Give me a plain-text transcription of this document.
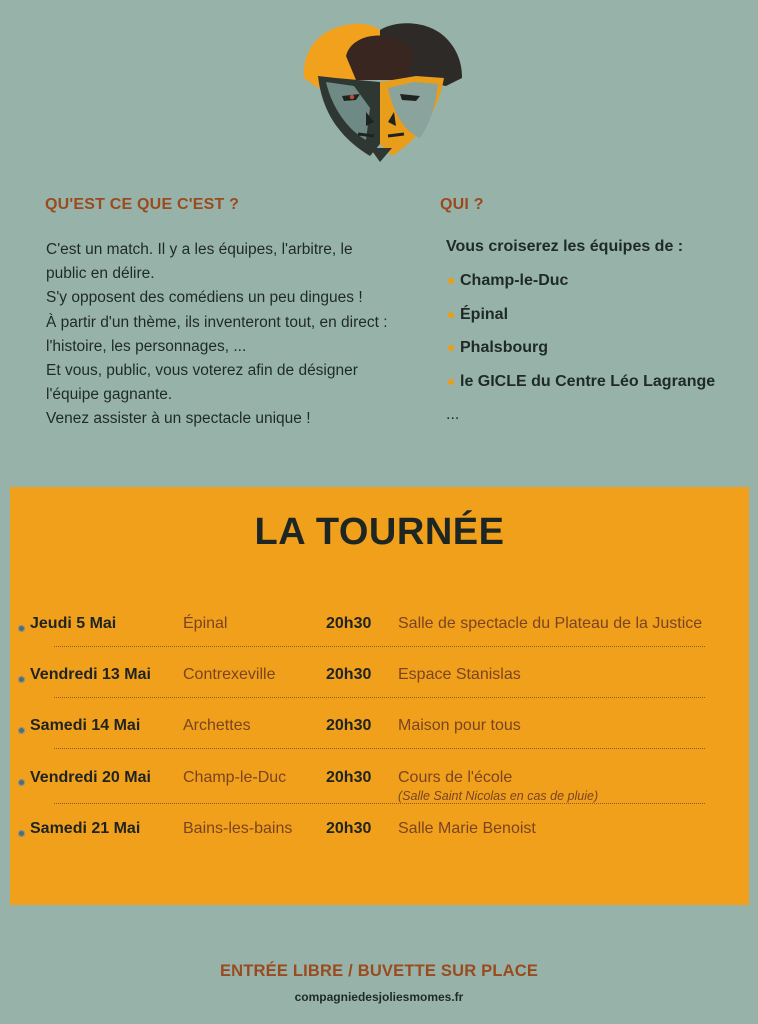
QU'EST CE QUE C'EST ?	QUI ?
C'est un match. Il y a les équipes, l'arbitre, le
public en délire.
S'y opposent des comédiens un peu dingues !
À partir d'un thème, ils inventeront tout, en direct :
l'histoire, les personnages, ...
Et vous, public, vous voterez afin de désigner
l'équipe gagnante.
Venez assister à un spectacle unique !
Vous croiserez les équipes de :
Champ-le-Duc
Épinal
Phalsbourg
le GICLE du Centre Léo Lagrange
...
LA TOURNÉE
Jeudi 5 Mai	Épinal	20h30 Salle de spectacle du Plateau de la Justice
Vendredi 13 Mai Contrexeville	20h30 Espace Stanislas
Samedi 14 Mai	Archettes	20h30 Maison pour tous
Vendredi 20 Mai Champ-le-Duc 20h30 Cours de l'école
(Salle Saint Nicolas en cas de pluie)
Samedi 21 Mai	Bains-les-bains 20h30 Salle Marie Benoist
ENTRÉE LIBRE / BUVETTE SUR PLACE
compagniedesjoliesmomes.fr
